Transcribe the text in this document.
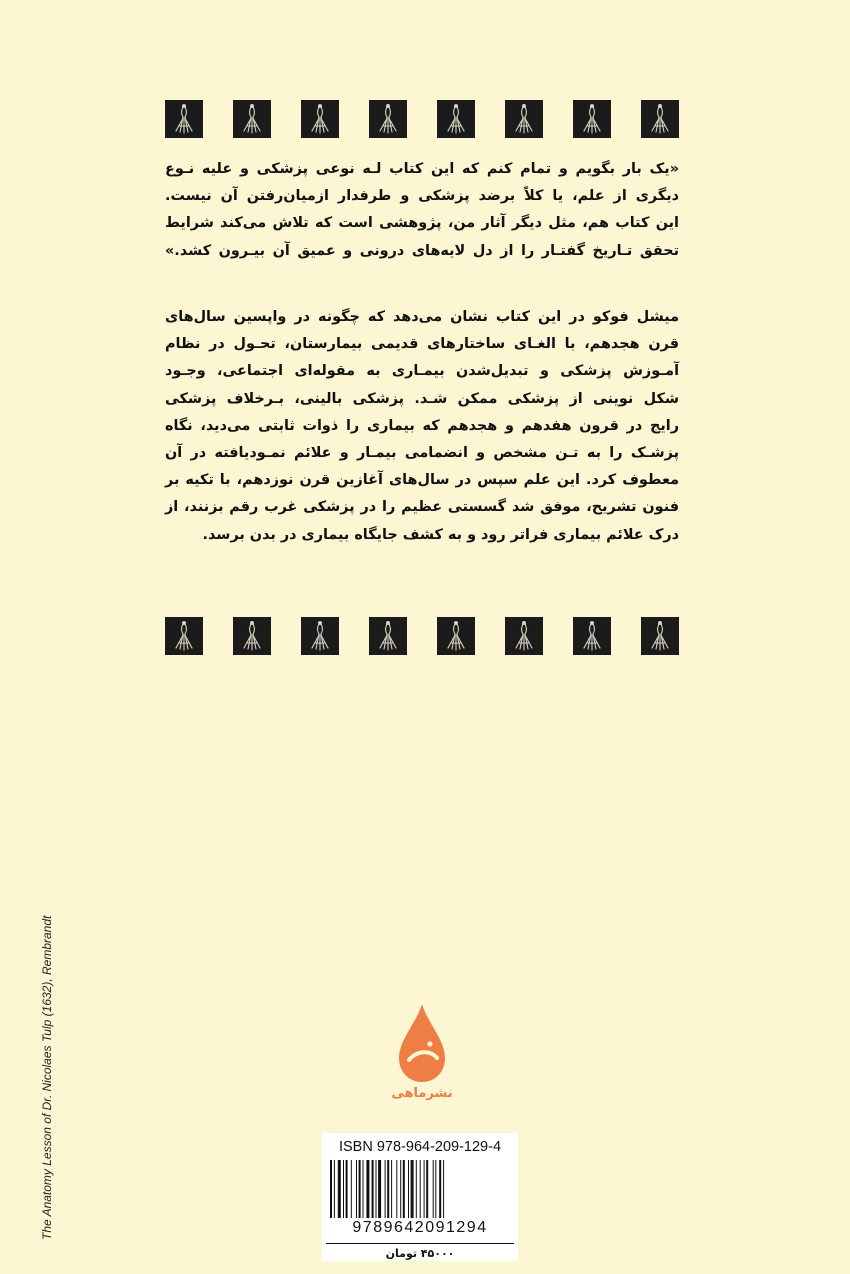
«یک بار بگویم و تمام کنم که این کتاب لـه نوعی پزشکی و علیه نـوع
دیگری از علم، یا کلاً برضد پزشکی و طرفدار ازمیان‌رفتن آن نیست.
این کتاب هم، مثل دیگر آثار من، پژوهشی است که تلاش می‌کند شرایط
تحقق تـاریخ گفتـار را از دل لایه‌های درونی و عمیق آن بیـرون کشد.»
میشل فوکو در این کتاب نشان می‌دهد که چگونه در واپسین سال‌های
قرن هجدهم، با الغـای ساختارهای قدیمی بیمارستان، تحـول در نظام
آمـوزش پزشکی و تبدیل‌شدن بیمـاری به مقوله‌ای اجتماعی، وجـود
شکل نوینی از پزشکی ممکن شـد. پزشکی بالینی، بـرخلاف پزشکی
رایج در قرون هفدهم و هجدهم که بیماری را ذوات ثابتی می‌دید، نگاه
پزشـک را به تـن مشخص و انضمامی بیمـار و علائم نمـودیافته در آن
معطوف کرد. این علم سپس در سال‌های آغازین قرن نوزدهم، با تکیه بر
فنون تشریح، موفق شد گسستی عظیم را در پزشکی غرب رقم بزنند، از
درک علائم بیماری فراتر رود و به کشف جایگاه بیماری در بدن برسد.
The Anatomy Lesson of Dr. Nicolaes Tulp (1632), Rembrandt	نشرماهی
ISBN 978-964-209-129-4
9789642091294
۴۵۰۰۰ تومان
